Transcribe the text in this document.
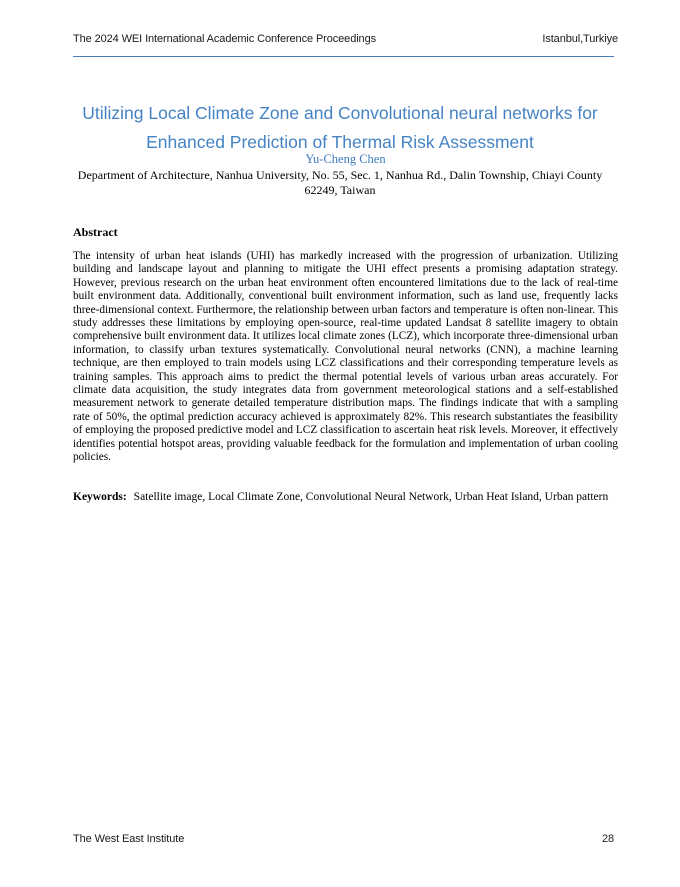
The 2024 WEI International Academic Conference Proceedings	Istanbul,Turkiye
Utilizing Local Climate Zone and Convolutional neural networks for
Enhanced Prediction of Thermal Risk Assessment
Yu-Cheng Chen
Department of Architecture, Nanhua University, No. 55, Sec. 1, Nanhua Rd., Dalin Township, Chiayi County
62249, Taiwan
Abstract

The intensity of urban heat islands (UHI) has markedly increased with the progression of urbanization. Utilizing building and landscape layout and planning to mitigate the UHI effect presents a promising adaptation strategy. However, previous research on the urban heat environment often encountered limitations due to the lack of real-time built environment data. Additionally, conventional built environment information, such as land use, frequently lacks three-dimensional context. Furthermore, the relationship between urban factors and temperature is often non-linear. This study addresses these limitations by employing open-source, real-time updated Landsat 8 satellite imagery to obtain comprehensive built environment data. It utilizes local climate zones (LCZ), which incorporate three-dimensional urban information, to classify urban textures systematically. Convolutional neural networks (CNN), a machine learning technique, are then employed to train models using LCZ classifications and their corresponding temperature levels as training samples. This approach aims to predict the thermal potential levels of various urban areas accurately. For climate data acquisition, the study integrates data from government meteorological stations and a self-established measurement network to generate detailed temperature distribution maps. The findings indicate that with a sampling rate of 50%, the optimal prediction accuracy achieved is approximately 82%. This research substantiates the feasibility of employing the proposed predictive model and LCZ classification to ascertain heat risk levels. Moreover, it effectively identifies potential hotspot areas, providing valuable feedback for the formulation and implementation of urban cooling policies.

Keywords: Satellite image, Local Climate Zone, Convolutional Neural Network, Urban Heat Island, Urban pattern

The West East Institute	28
